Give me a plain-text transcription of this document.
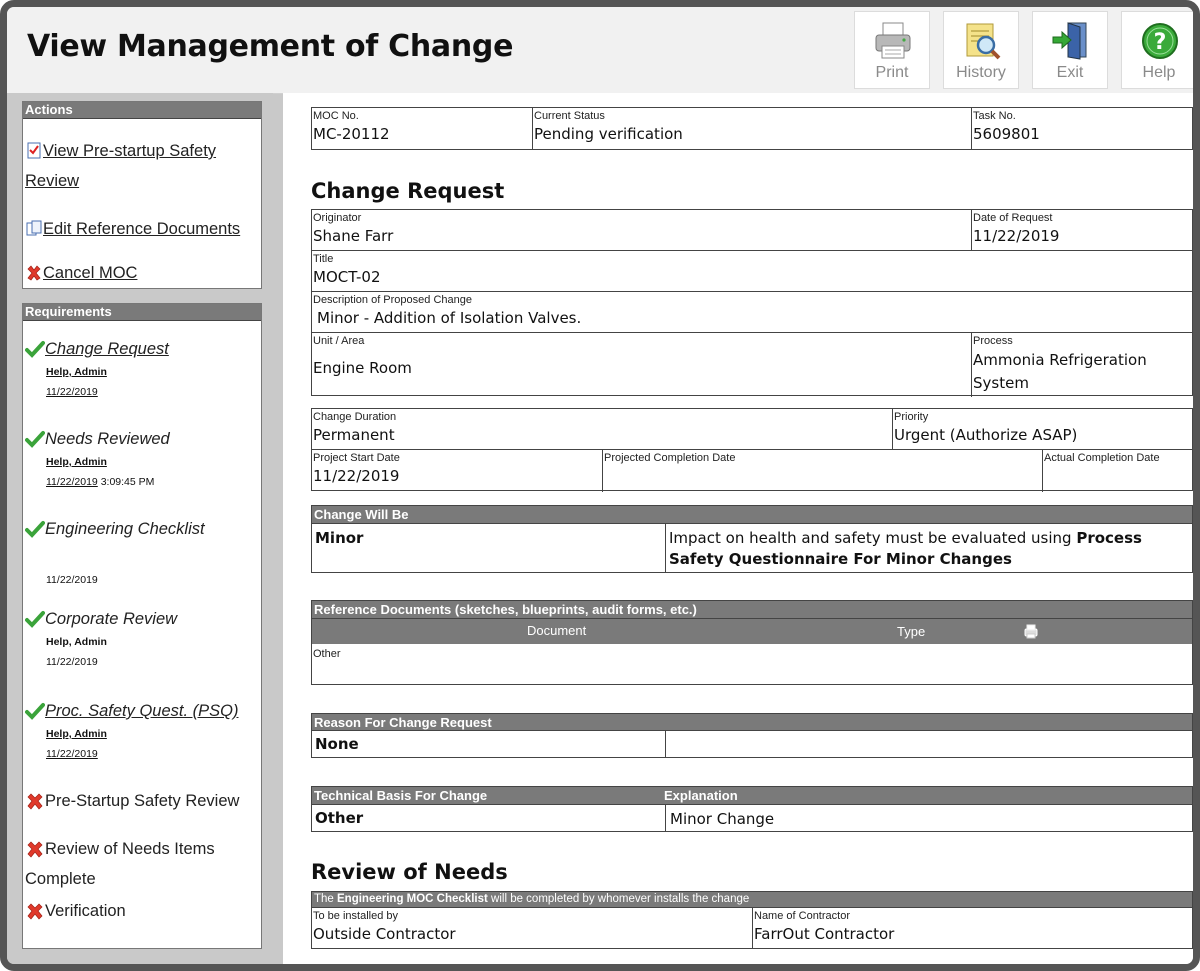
View Management of Change
Print	History	Exit
?
Help
Actions
View Pre-startup Safety Review
Edit Reference Documents
Cancel MOC
Requirements
Change Request
Help, Admin
11/22/2019
Needs Reviewed
Help, Admin
11/22/2019 3:09:45 PM
Engineering Checklist
11/22/2019
Corporate Review
Help, Admin
11/22/2019
Proc. Safety Quest. (PSQ)
Help, Admin
11/22/2019
Pre-Startup Safety Review
Review of Needs Items Complete
Verification
MOC No.
MC-20112
Current Status
Pending verification
Task No.
5609801
Change Request
Originator
Shane Farr
Date of Request
11/22/2019
Title
MOCT-02
Description of Proposed Change
Minor - Addition of Isolation Valves.
Unit / Area
Engine Room
Process
Ammonia Refrigeration
System
Change Duration
Permanent
Priority
Urgent (Authorize ASAP)
Project Start Date
11/22/2019
Projected Completion Date	Actual Completion Date
Change Will Be
Minor	Impact on health and safety must be evaluated using Process Safety Questionnaire For Minor Changes
Reference Documents (sketches, blueprints, audit forms, etc.)
Document	Type
Other
Reason For Change Request
None
Technical Basis For Change	Explanation
Other	Minor Change
Review of Needs
The Engineering MOC Checklist will be completed by whomever installs the change
To be installed by
Outside Contractor
Name of Contractor
FarrOut Contractor
